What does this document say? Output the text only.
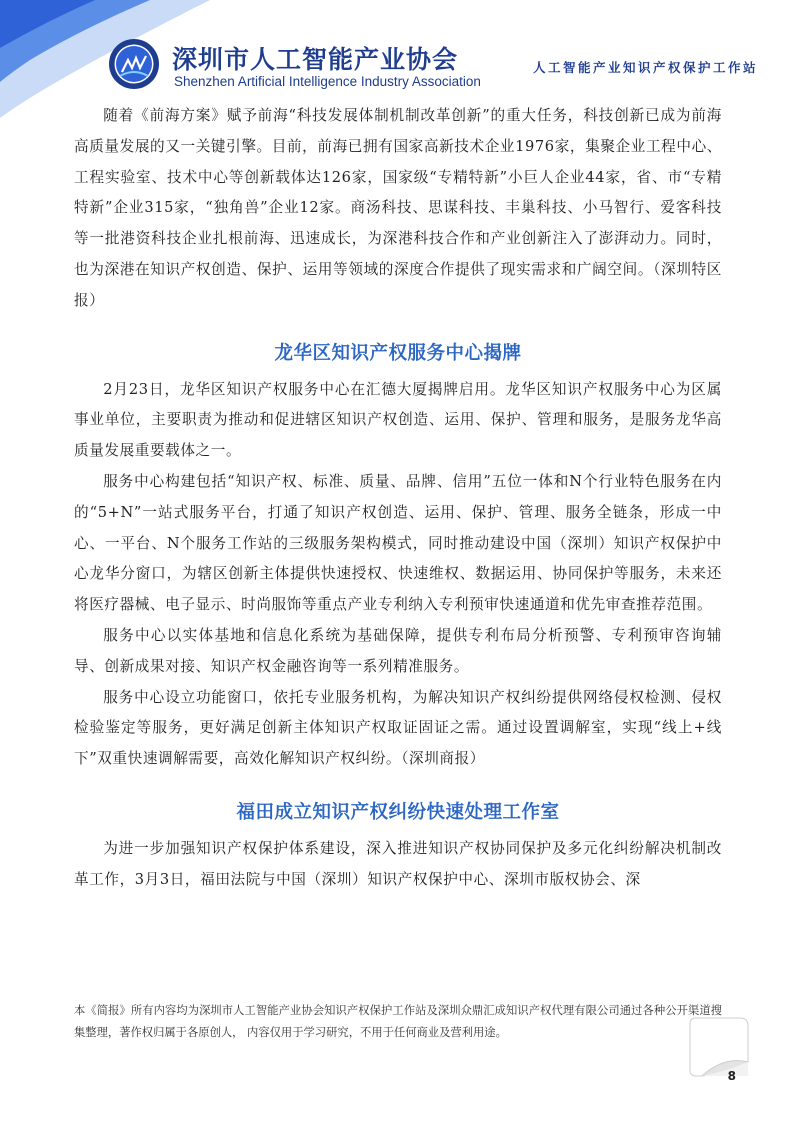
深圳市人工智能产业协会
Shenzhen Artificial Intelligence Industry Association
人工智能产业知识产权保护工作站

随着《前海方案》赋予前海“科技发展体制机制改革创新”的重大任务，科技创新已成为前海高质量发展的又一关键引擎。目前，前海已拥有国家高新技术企业1976家，集聚企业工程中心、工程实验室、技术中心等创新载体达126家，国家级“专精特新”小巨人企业44家，省、市“专精特新”企业315家，“独角兽”企业12家。商汤科技、思谋科技、丰巢科技、小马智行、爱客科技等一批港资科技企业扎根前海、迅速成长，为深港科技合作和产业创新注入了澎湃动力。同时，也为深港在知识产权创造、保护、运用等领域的深度合作提供了现实需求和广阔空间。（深圳特区报）

龙华区知识产权服务中心揭牌

2月23日，龙华区知识产权服务中心在汇德大厦揭牌启用。龙华区知识产权服务中心为区属事业单位，主要职责为推动和促进辖区知识产权创造、运用、保护、管理和服务，是服务龙华高质量发展重要载体之一。

服务中心构建包括“知识产权、标准、质量、品牌、信用”五位一体和N个行业特色服务在内的“5+N”一站式服务平台，打通了知识产权创造、运用、保护、管理、服务全链条，形成一中心、一平台、N个服务工作站的三级服务架构模式，同时推动建设中国（深圳）知识产权保护中心龙华分窗口，为辖区创新主体提供快速授权、快速维权、数据运用、协同保护等服务，未来还将医疗器械、电子显示、时尚服饰等重点产业专利纳入专利预审快速通道和优先审查推荐范围。

服务中心以实体基地和信息化系统为基础保障，提供专利布局分析预警、专利预审咨询辅导、创新成果对接、知识产权金融咨询等一系列精准服务。

服务中心设立功能窗口，依托专业服务机构，为解决知识产权纠纷提供网络侵权检测、侵权检验鉴定等服务，更好满足创新主体知识产权取证固证之需。通过设置调解室，实现“线上+线下”双重快速调解需要，高效化解知识产权纠纷。（深圳商报）

福田成立知识产权纠纷快速处理工作室

为进一步加强知识产权保护体系建设，深入推进知识产权协同保护及多元化纠纷解决机制改革工作，3月3日，福田法院与中国（深圳）知识产权保护中心、深圳市版权协会、深

本《简报》所有内容均为深圳市人工智能产业协会知识产权保护工作站及深圳众鼎汇成知识产权代理有限公司通过各种公开渠道搜集整理，著作权归属于各原创人， 内容仅用于学习研究，不用于任何商业及营利用途。
8
